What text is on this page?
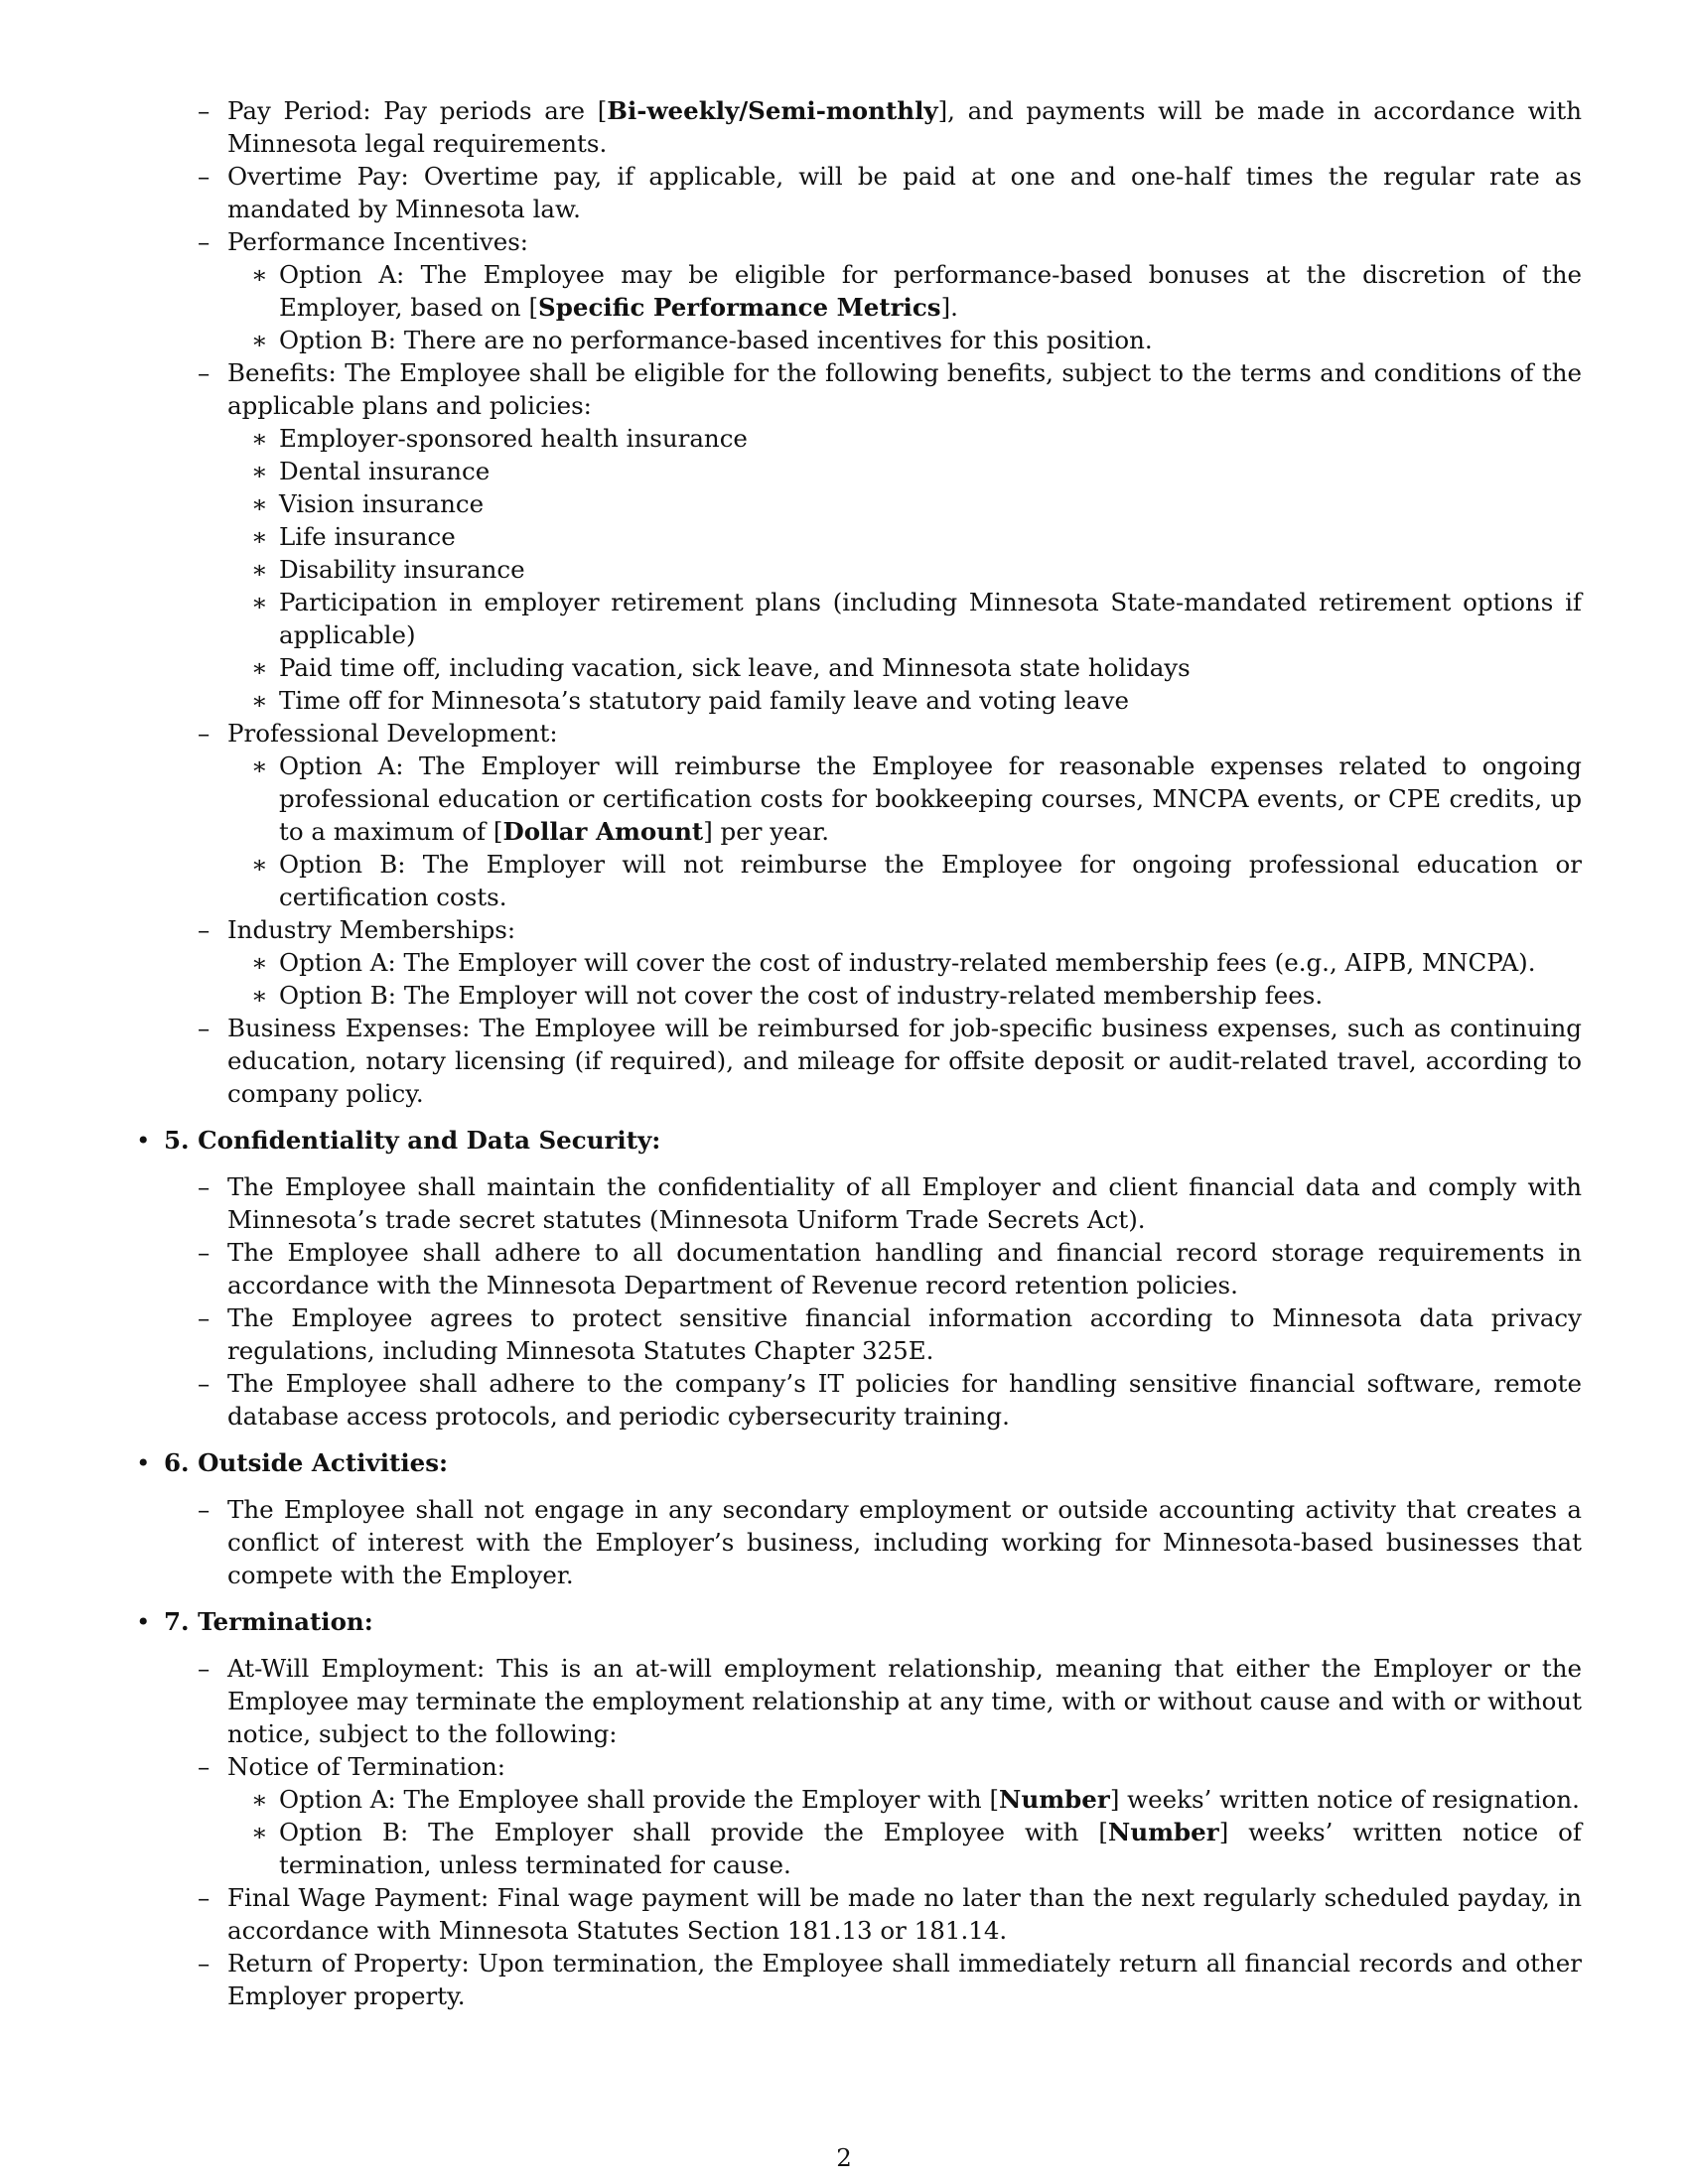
– Pay Period: Pay periods are [Bi-weekly/Semi-monthly], and payments will be made in accordance with Minnesota legal requirements.

– Overtime Pay: Overtime pay, if applicable, will be paid at one and one-half times the regular rate as mandated by Minnesota law.

– Performance Incentives:

∗ Option A: The Employee may be eligible for performance-based bonuses at the discretion of the Employer, based on [Specific Performance Metrics].

∗ Option B: There are no performance-based incentives for this position.

– Benefits: The Employee shall be eligible for the following benefits, subject to the terms and conditions of the applicable plans and policies:

∗ Employer-sponsored health insurance

∗ Dental insurance

∗ Vision insurance

∗ Life insurance

∗ Disability insurance

∗ Participation in employer retirement plans (including Minnesota State-mandated retirement options if applicable)

∗ Paid time off, including vacation, sick leave, and Minnesota state holidays

∗ Time off for Minnesota’s statutory paid family leave and voting leave

– Professional Development:

∗ Option A: The Employer will reimburse the Employee for reasonable expenses related to ongoing professional education or certification costs for bookkeeping courses, MNCPA events, or CPE credits, up to a maximum of [Dollar Amount] per year.

∗ Option B: The Employer will not reimburse the Employee for ongoing professional education or certification costs.

– Industry Memberships:

∗ Option A: The Employer will cover the cost of industry-related membership fees (e.g., AIPB, MNCPA).

∗ Option B: The Employer will not cover the cost of industry-related membership fees.

– Business Expenses: The Employee will be reimbursed for job-specific business expenses, such as continuing education, notary licensing (if required), and mileage for offsite deposit or audit-related travel, according to company policy.

• 5. Confidentiality and Data Security:

– The Employee shall maintain the confidentiality of all Employer and client financial data and comply with Minnesota’s trade secret statutes (Minnesota Uniform Trade Secrets Act).

– The Employee shall adhere to all documentation handling and financial record storage requirements in accordance with the Minnesota Department of Revenue record retention policies.

– The Employee agrees to protect sensitive financial information according to Minnesota data privacy regulations, including Minnesota Statutes Chapter 325E.

– The Employee shall adhere to the company’s IT policies for handling sensitive financial software, remote database access protocols, and periodic cybersecurity training.

• 6. Outside Activities:

– The Employee shall not engage in any secondary employment or outside accounting activity that creates a conflict of interest with the Employer’s business, including working for Minnesota-based businesses that compete with the Employer.

• 7. Termination:

– At-Will Employment: This is an at-will employment relationship, meaning that either the Employer or the Employee may terminate the employment relationship at any time, with or without cause and with or without notice, subject to the following:

– Notice of Termination:

∗ Option A: The Employee shall provide the Employer with [Number] weeks’ written notice of resignation.

∗ Option B: The Employer shall provide the Employee with [Number] weeks’ written notice of termination, unless terminated for cause.

– Final Wage Payment: Final wage payment will be made no later than the next regularly scheduled payday, in accordance with Minnesota Statutes Section 181.13 or 181.14.

– Return of Property: Upon termination, the Employee shall immediately return all financial records and other Employer property.

2
